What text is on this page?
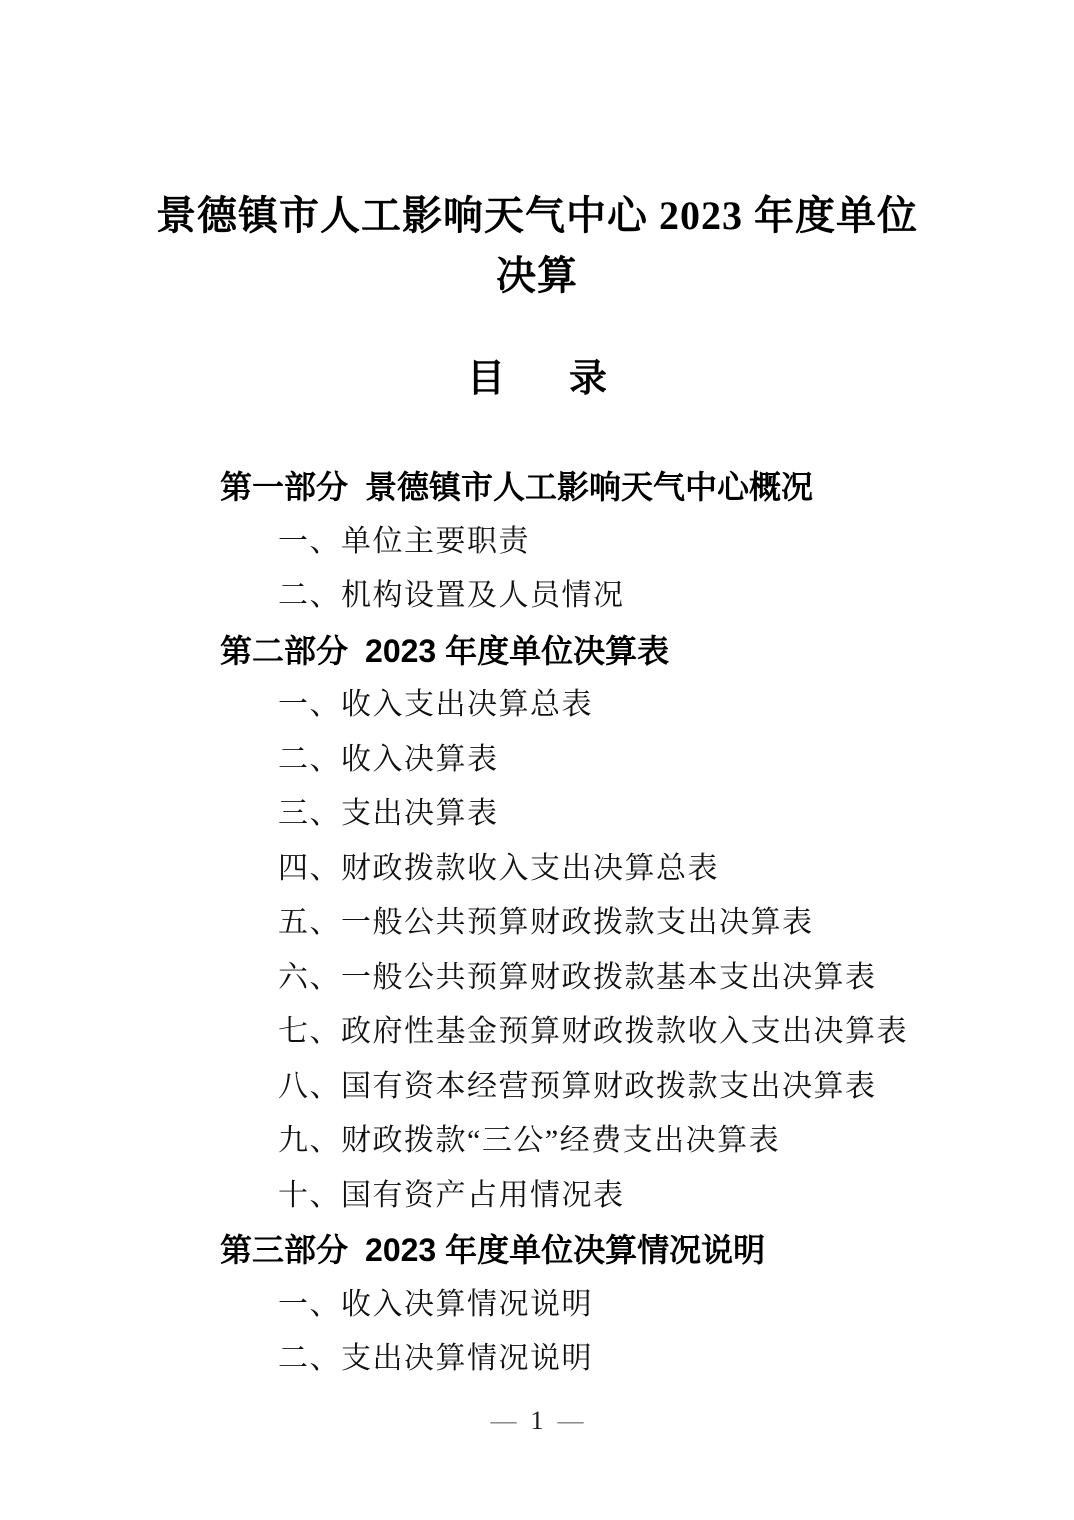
景德镇市人工影响天气中心 2023 年度单位
决算
目 录
第一部分 景德镇市人工影响天气中心概况
一、单位主要职责
二、机构设置及人员情况
第二部分 2023 年度单位决算表
一、收入支出决算总表
二、收入决算表
三、支出决算表
四、财政拨款收入支出决算总表
五、一般公共预算财政拨款支出决算表
六、一般公共预算财政拨款基本支出决算表
七、政府性基金预算财政拨款收入支出决算表
八、国有资本经营预算财政拨款支出决算表
九、财政拨款“三公”经费支出决算表
十、国有资产占用情况表
第三部分 2023 年度单位决算情况说明
一、收入决算情况说明
二、支出决算情况说明
— 1 —
